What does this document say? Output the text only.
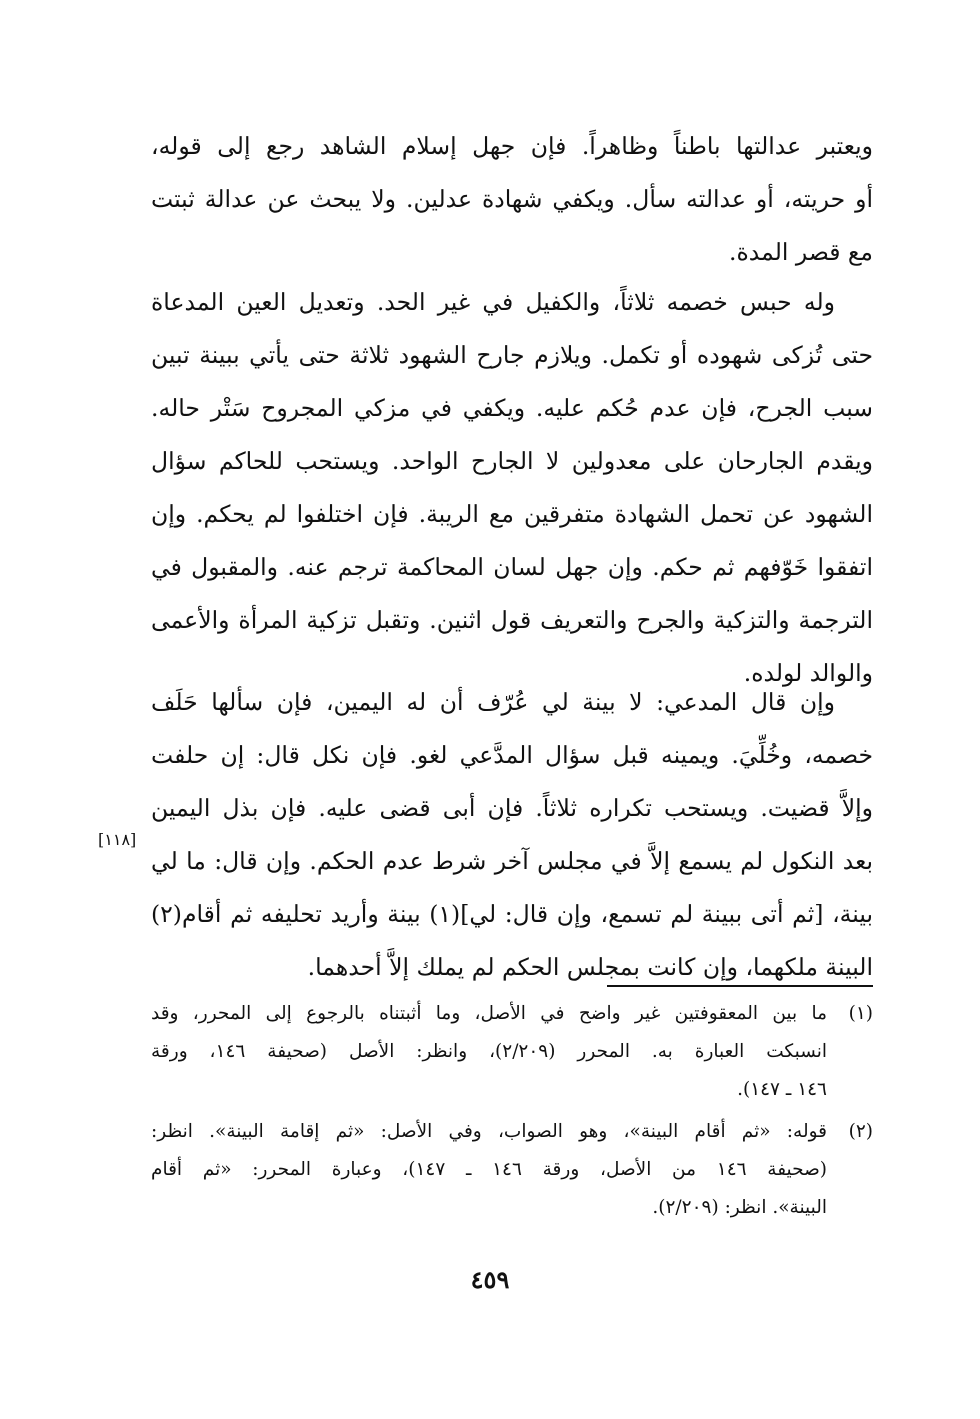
ويعتبر عدالتها باطناً وظاهراً. فإن جهل إسلام الشاهد رجع إلى قوله،
أو حريته، أو عدالته سأل. ويكفي شهادة عدلين. ولا يبحث عن عدالة ثبتت
مع قصر المدة.
وله حبس خصمه ثلاثاً، والكفيل في غير الحد. وتعديل العين المدعاة
حتى تُزكى شهوده أو تكمل. ويلازم جارح الشهود ثلاثة حتى يأتي ببينة تبين
سبب الجرح، فإن عدم حُكم عليه. ويكفي في مزكي المجروح سَتْر حاله.
ويقدم الجارحان على معدولين لا الجارح الواحد. ويستحب للحاكم سؤال
الشهود عن تحمل الشهادة متفرقين مع الريبة. فإن اختلفوا لم يحكم. وإن
اتفقوا خَوّفهم ثم حكم. وإن جهل لسان المحاكمة ترجم عنه. والمقبول في
الترجمة والتزكية والجرح والتعريف قول اثنين. وتقبل تزكية المرأة والأعمى
والوالد لولده.
وإن قال المدعي: لا بينة لي عُرّف أن له اليمين، فإن سألها حَلَف
خصمه، وخُلِّيَ. ويمينه قبل سؤال المدَّعي لغو. فإن نكل قال: إن حلفت
وإلاَّ قضيت. ويستحب تكراره ثلاثاً. فإن أبى قضى عليه. فإن بذل اليمين
بعد النكول لم يسمع إلاَّ في مجلس آخر شرط عدم الحكم. وإن قال: ما لي
بينة، [ثم أتى ببينة لم تسمع، وإن قال: لي](١) بينة وأريد تحليفه ثم أقام(٢)
البينة ملكهما، وإن كانت بمجلس الحكم لم يملك إلاَّ أحدهما.
[١١٨]
(١)
ما بين المعقوفتين غير واضح في الأصل، وما أثبتناه بالرجوع إلى المحرر، وقد
انسبكت العبارة به. المحرر (٢/٢٠٩)، وانظر: الأصل (صحيفة ١٤٦، ورقة
١٤٦ ـ ١٤٧).
(٢)
قوله: «ثم أقام البينة»، وهو الصواب، وفي الأصل: «ثم إقامة البينة». انظر:
(صحيفة ١٤٦ من الأصل، ورقة ١٤٦ ـ ١٤٧)، وعبارة المحرر: «ثم أقام
البينة». انظر: (٢/٢٠٩).
٤٥٩
